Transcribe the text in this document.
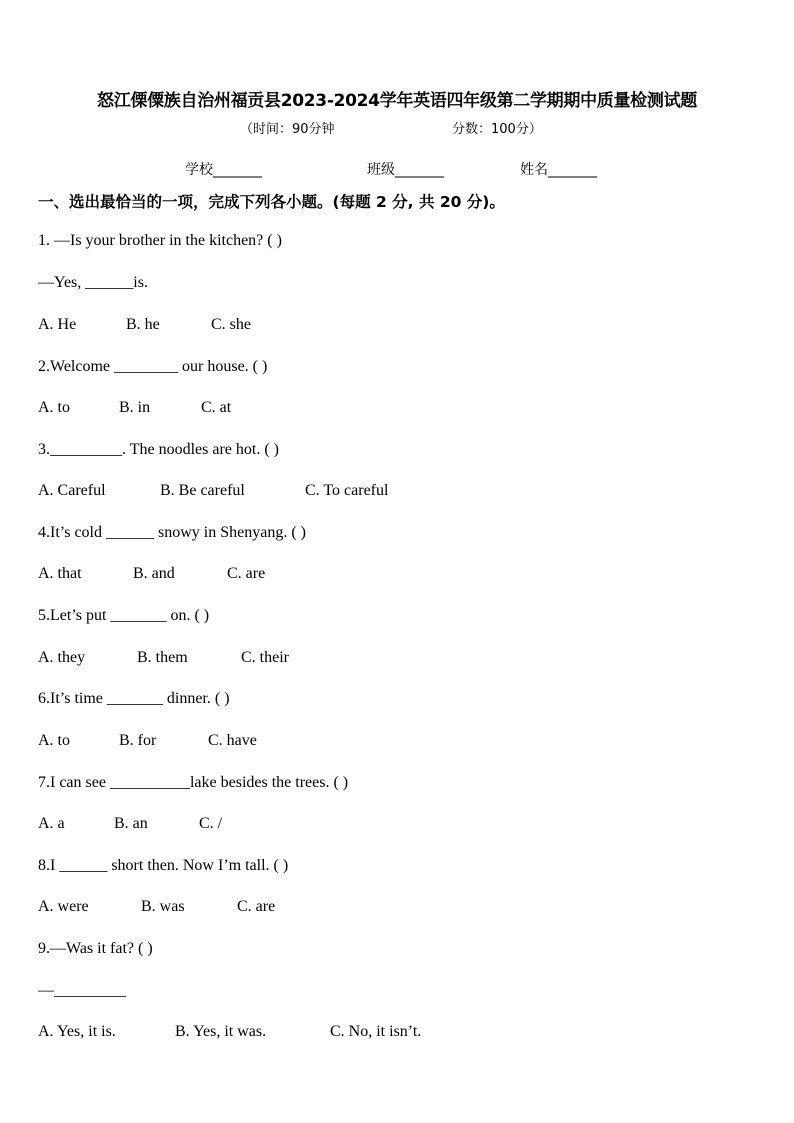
怒江傈僳族自治州福贡县2023-2024学年英语四年级第二学期期中质量检测试题
（时间：90分钟	分数：100分）
学校_______	班级_______	姓名_______
一、选出最恰当的一项，完成下列各小题。(每题 2 分, 共 20 分)。
1. —Is your brother in the kitchen? ( )
—Yes, ______is.
A. He	B. he	C. she
2.Welcome ________ our house. ( )
A. to	B. in	C. at
3._________. The noodles are hot. ( )
A. Careful	B. Be careful	C. To careful
4.It’s cold ______ snowy in Shenyang. ( )
A. that	B. and	C. are
5.Let’s put _______ on. ( )
A. they	B. them	C. their
6.It’s time _______ dinner. ( )
A. to	B. for	C. have
7.I can see __________lake besides the trees. ( )
A. a	B. an	C. /
8.I ______ short then. Now I’m tall. ( )
A. were	B. was	C. are
9.—Was it fat? ( )
—_________
A. Yes, it is.	B. Yes, it was.	C. No, it isn’t.
